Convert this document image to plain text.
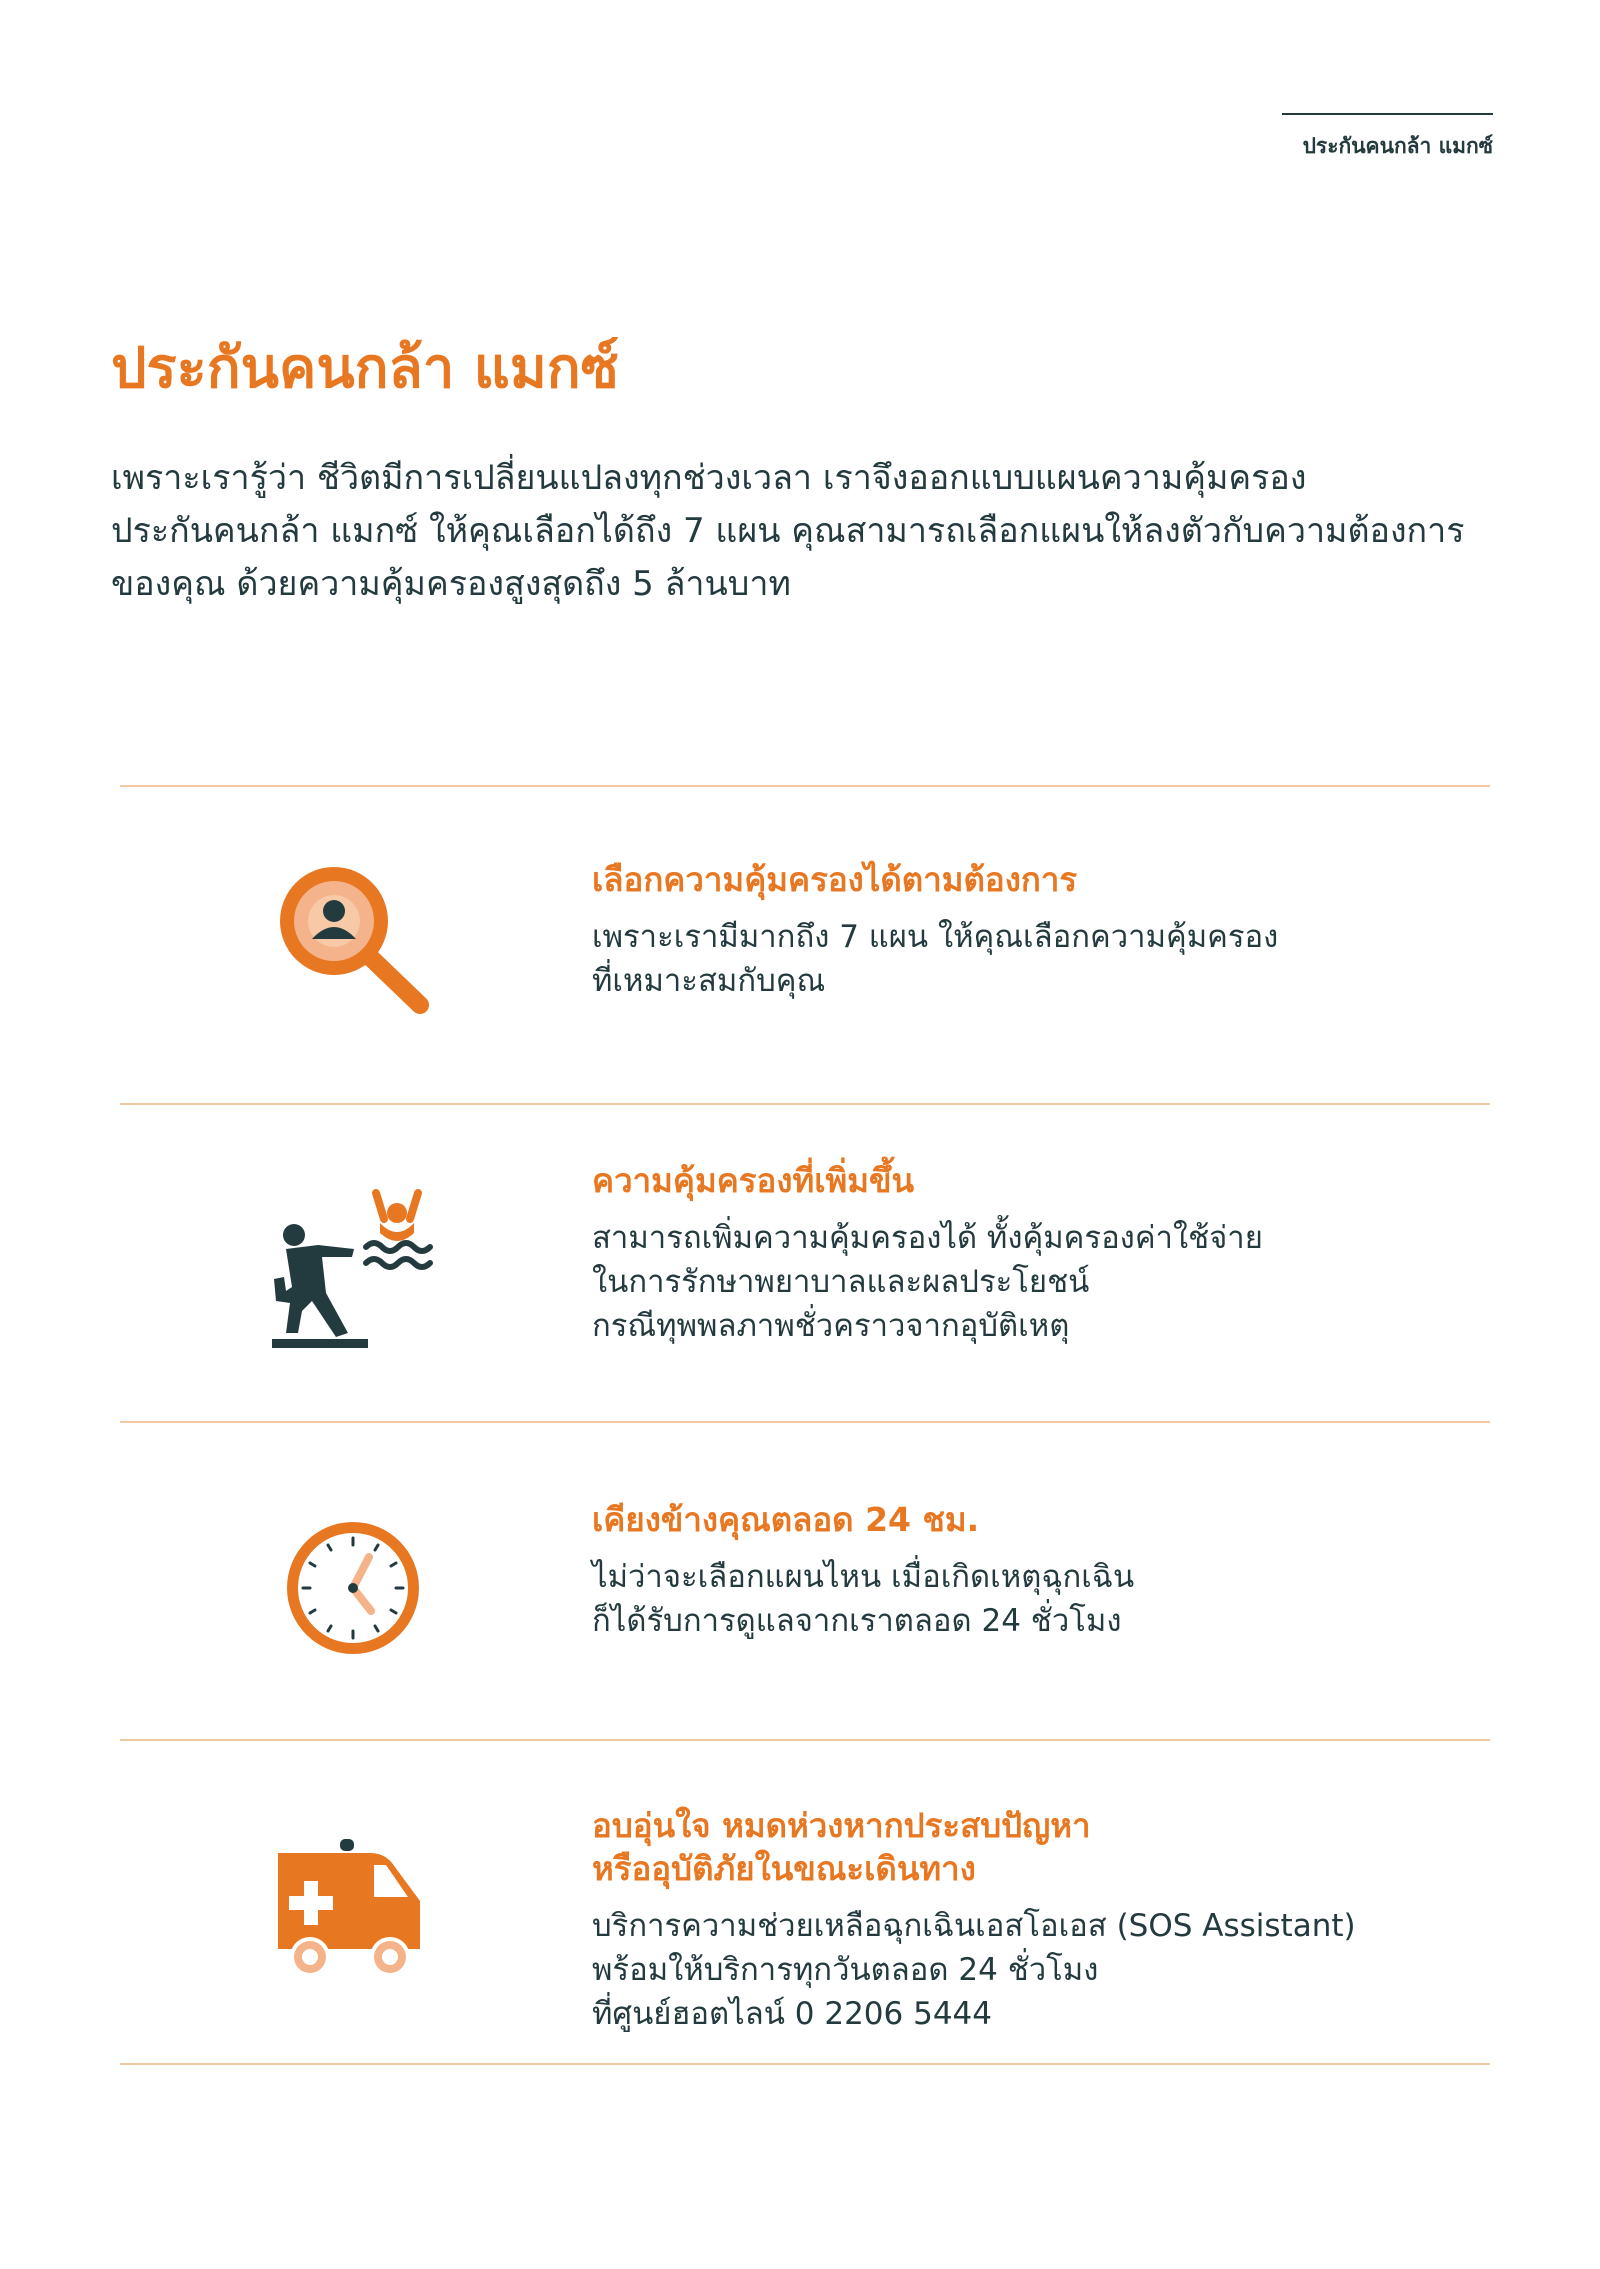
ประกันคนกล้า แมกซ์
ประกันคนกล้า แมกซ์

เพราะเรารู้ว่า ชีวิตมีการเปลี่ยนแปลงทุกช่วงเวลา เราจึงออกแบบแผนความคุ้มครอง
ประกันคนกล้า แมกซ์ ให้คุณเลือกได้ถึง 7 แผน คุณสามารถเลือกแผนให้ลงตัวกับความต้องการ
ของคุณ ด้วยความคุ้มครองสูงสุดถึง 5 ล้านบาท

เลือกความคุ้มครองได้ตามต้องการ

เพราะเรามีมากถึง 7 แผน ให้คุณเลือกความคุ้มครอง
ที่เหมาะสมกับคุณ

ความคุ้มครองที่เพิ่มขึ้น

สามารถเพิ่มความคุ้มครองได้ ทั้งคุ้มครองค่าใช้จ่าย
ในการรักษาพยาบาลและผลประโยชน์
กรณีทุพพลภาพชั่วคราวจากอุบัติเหตุ

เคียงข้างคุณตลอด 24 ชม.

ไม่ว่าจะเลือกแผนไหน เมื่อเกิดเหตุฉุกเฉิน
ก็ได้รับการดูแลจากเราตลอด 24 ชั่วโมง

อบอุ่นใจ หมดห่วงหากประสบปัญหา
หรืออุบัติภัยในขณะเดินทาง

บริการความช่วยเหลือฉุกเฉินเอสโอเอส (SOS Assistant)
พร้อมให้บริการทุกวันตลอด 24 ชั่วโมง
ที่ศูนย์ฮอตไลน์ 0 2206 5444
